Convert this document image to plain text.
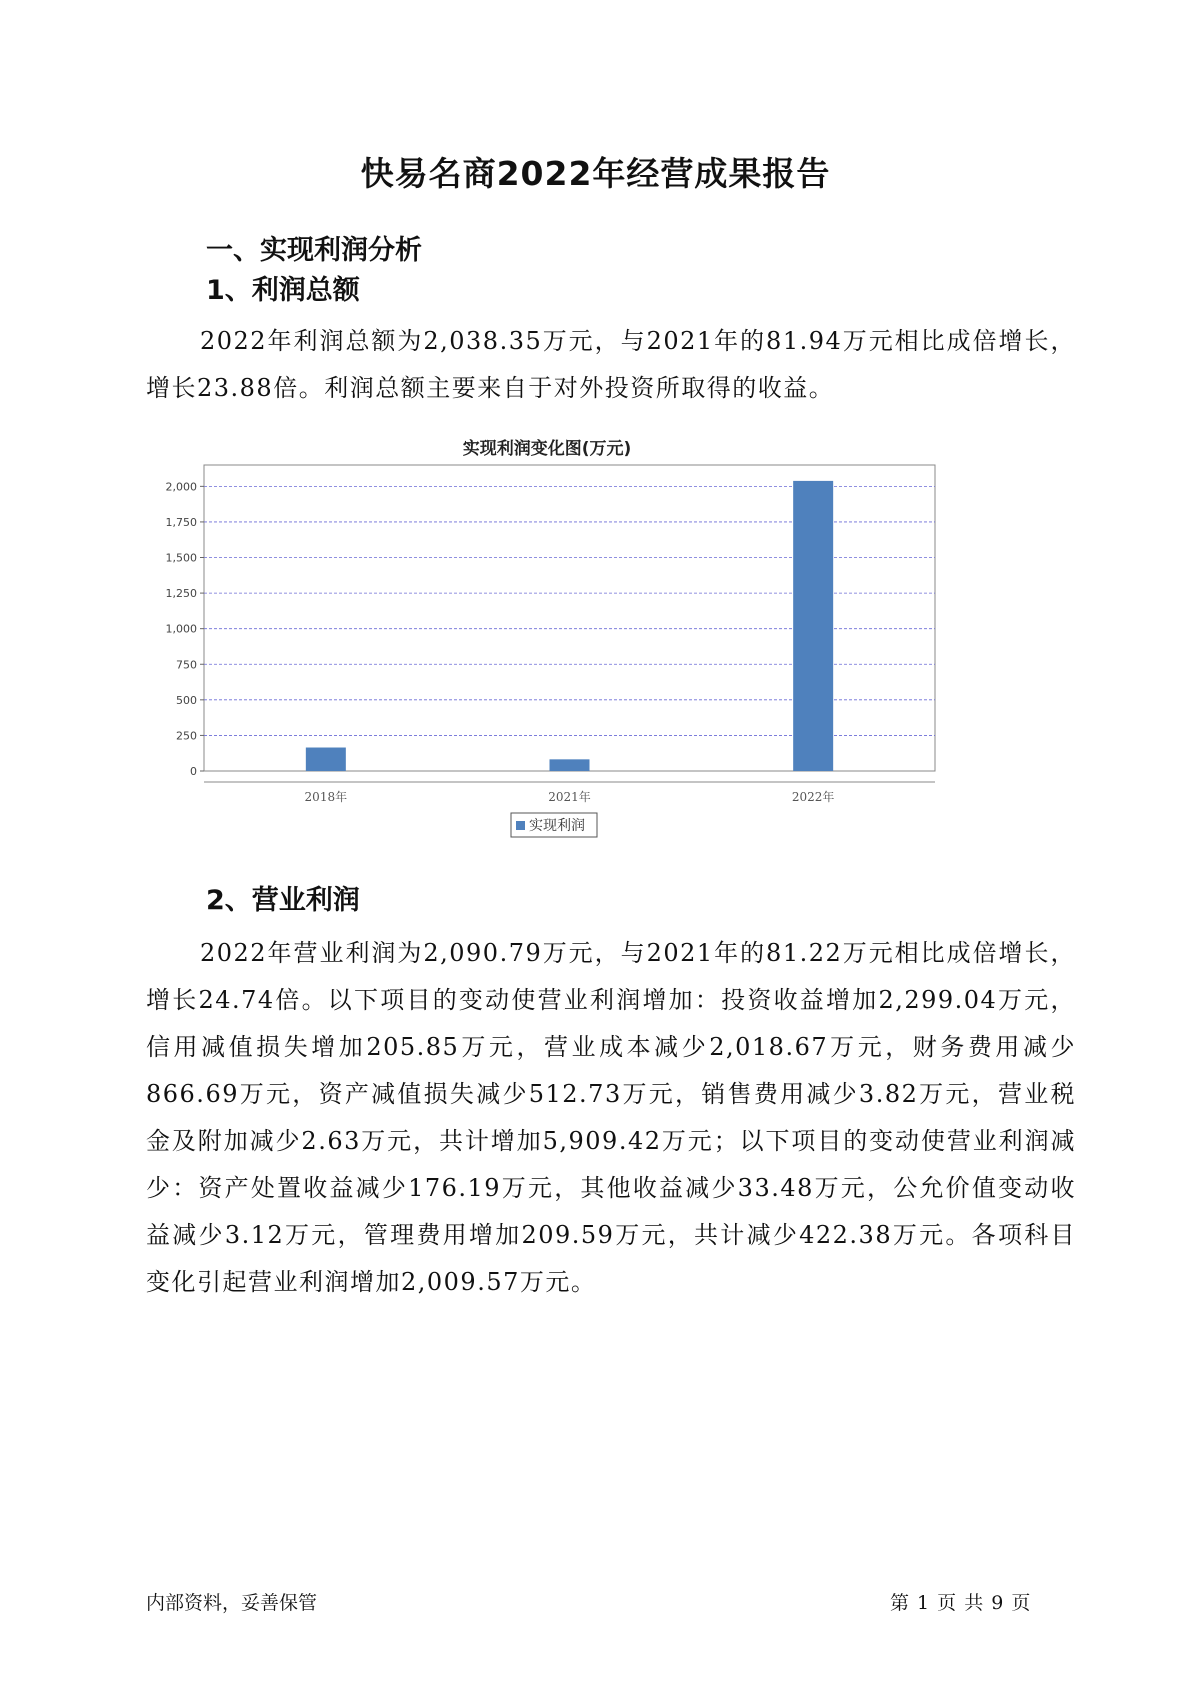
快易名商2022年经营成果报告
一、实现利润分析
1、利润总额

2022年利润总额为2,038.35万元，与2021年的81.94万元相比成倍增长，增长23.88倍。利润总额主要来自于对外投资所取得的收益。

实现利润变化图(万元)
0
250
500
750
1,000
1,250
1,500
1,750
2,000
2018年	2021年	2022年
实现利润
2、营业利润

2022年营业利润为2,090.79万元，与2021年的81.22万元相比成倍增长，增长24.74倍。以下项目的变动使营业利润增加：投资收益增加2,299.04万元，信用减值损失增加205.85万元，营业成本减少2,018.67万元，财务费用减少866.69万元，资产减值损失减少512.73万元，销售费用减少3.82万元，营业税金及附加减少2.63万元，共计增加5,909.42万元；以下项目的变动使营业利润减少：资产处置收益减少176.19万元，其他收益减少33.48万元，公允价值变动收益减少3.12万元，管理费用增加209.59万元，共计减少422.38万元。各项科目变化引起营业利润增加2,009.57万元。

内部资料，妥善保管	第 1 页 共 9 页
